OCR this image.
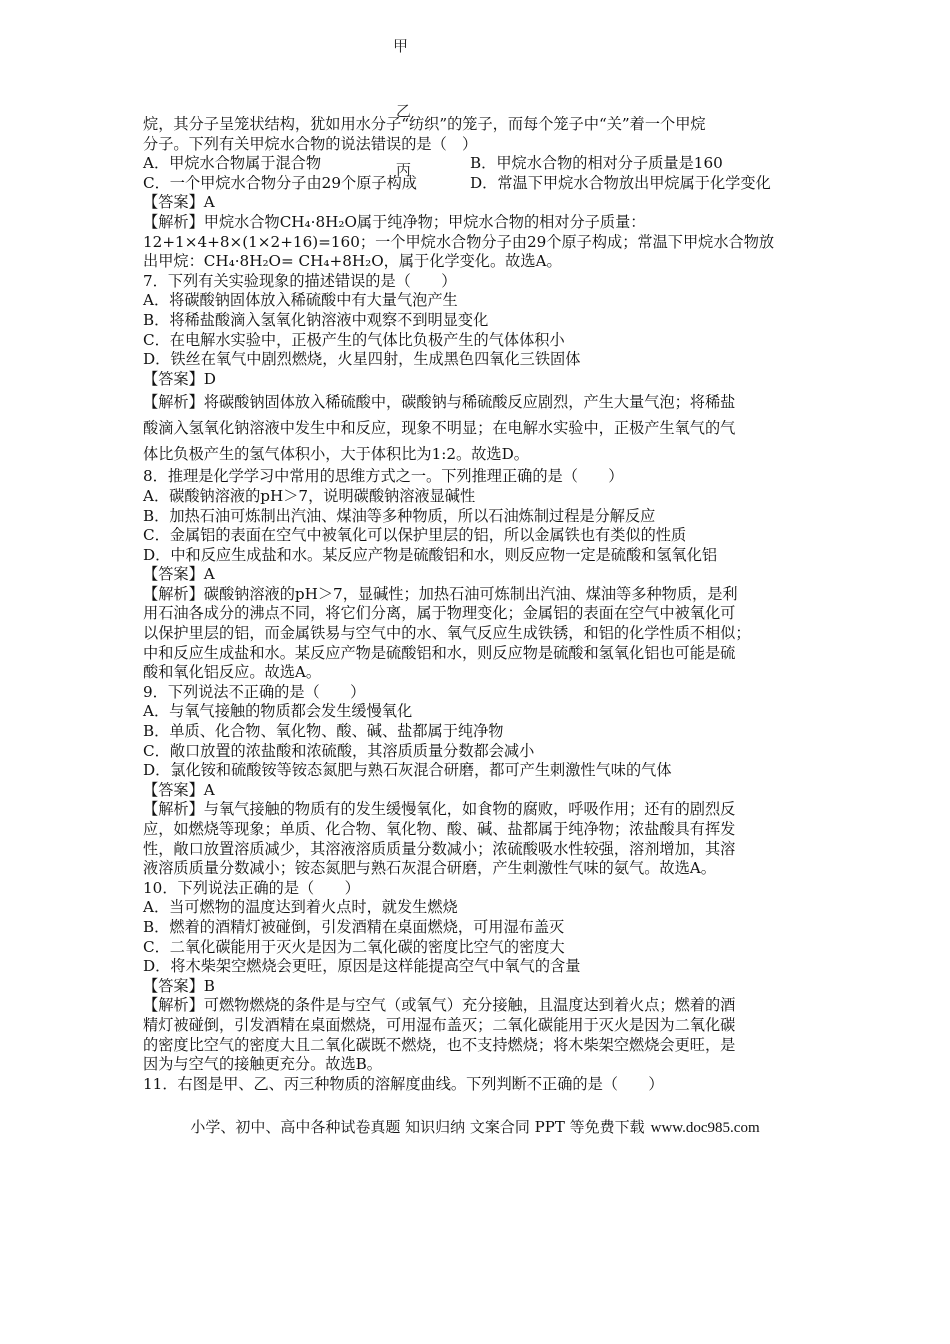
甲
乙
丙
烷，其分子呈笼状结构，犹如用水分子“纺织”的笼子，而每个笼子中“关”着一个甲烷
分子。下列有关甲烷水合物的说法错误的是（　）
A．甲烷水合物属于混合物	B．甲烷水合物的相对分子质量是160
C．一个甲烷水合物分子由29个原子构成	D．常温下甲烷水合物放出甲烷属于化学变化
【答案】A
【解析】甲烷水合物CH₄·8H₂O属于纯净物；甲烷水合物的相对分子质量：
12+1×4+8×(1×2+16)=160；一个甲烷水合物分子由29个原子构成；常温下甲烷水合物放
出甲烷：CH₄·8H₂O= CH₄+8H₂O，属于化学变化。故选A。
7．下列有关实验现象的描述错误的是（　　）
A．将碳酸钠固体放入稀硫酸中有大量气泡产生
B．将稀盐酸滴入氢氧化钠溶液中观察不到明显变化
C．在电解水实验中，正极产生的气体比负极产生的气体体积小
D．铁丝在氧气中剧烈燃烧，火星四射，生成黑色四氧化三铁固体
【答案】D
【解析】将碳酸钠固体放入稀硫酸中，碳酸钠与稀硫酸反应剧烈，产生大量气泡；将稀盐
酸滴入氢氧化钠溶液中发生中和反应，现象不明显；在电解水实验中，正极产生氧气的气
体比负极产生的氢气体积小，大于体积比为1:2。故选D。
8．推理是化学学习中常用的思维方式之一。下列推理正确的是（　　）
A．碳酸钠溶液的pH＞7，说明碳酸钠溶液显碱性
B．加热石油可炼制出汽油、煤油等多种物质，所以石油炼制过程是分解反应
C．金属铝的表面在空气中被氧化可以保护里层的铝，所以金属铁也有类似的性质
D．中和反应生成盐和水。某反应产物是硫酸铝和水，则反应物一定是硫酸和氢氧化铝
【答案】A
【解析】碳酸钠溶液的pH＞7，显碱性；加热石油可炼制出汽油、煤油等多种物质，是利
用石油各成分的沸点不同，将它们分离，属于物理变化；金属铝的表面在空气中被氧化可
以保护里层的铝，而金属铁易与空气中的水、氧气反应生成铁锈，和铝的化学性质不相似；
中和反应生成盐和水。某反应产物是硫酸铝和水，则反应物是硫酸和氢氧化铝也可能是硫
酸和氧化铝反应。故选A。
9．下列说法不正确的是（　　）
A．与氧气接触的物质都会发生缓慢氧化
B．单质、化合物、氧化物、酸、碱、盐都属于纯净物
C．敞口放置的浓盐酸和浓硫酸，其溶质质量分数都会减小
D．氯化铵和硫酸铵等铵态氮肥与熟石灰混合研磨，都可产生刺激性气味的气体
【答案】A
【解析】与氧气接触的物质有的发生缓慢氧化，如食物的腐败，呼吸作用；还有的剧烈反
应，如燃烧等现象；单质、化合物、氧化物、酸、碱、盐都属于纯净物；浓盐酸具有挥发
性，敞口放置溶质减少，其溶液溶质质量分数减小；浓硫酸吸水性较强，溶剂增加，其溶
液溶质质量分数减小；铵态氮肥与熟石灰混合研磨，产生刺激性气味的氨气。故选A。
10．下列说法正确的是（　　）
A．当可燃物的温度达到着火点时，就发生燃烧
B．燃着的酒精灯被碰倒，引发酒精在桌面燃烧，可用湿布盖灭
C．二氧化碳能用于灭火是因为二氧化碳的密度比空气的密度大
D．将木柴架空燃烧会更旺，原因是这样能提高空气中氧气的含量
【答案】B
【解析】可燃物燃烧的条件是与空气（或氧气）充分接触，且温度达到着火点；燃着的酒
精灯被碰倒，引发酒精在桌面燃烧，可用湿布盖灭；二氧化碳能用于灭火是因为二氧化碳
的密度比空气的密度大且二氧化碳既不燃烧，也不支持燃烧；将木柴架空燃烧会更旺，是
因为与空气的接触更充分。故选B。
11．右图是甲、乙、丙三种物质的溶解度曲线。下列判断不正确的是（　　）
小学、初中、高中各种试卷真题 知识归纳 文案合同 PPT 等免费下载 www.doc985.com
